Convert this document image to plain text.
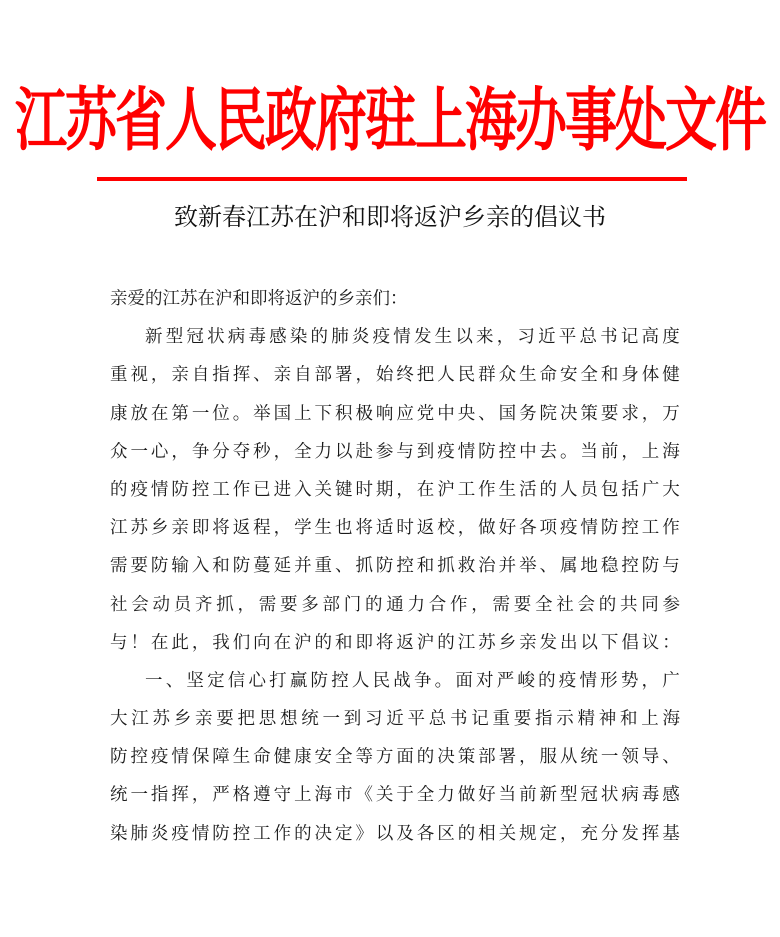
江苏省人民政府驻上海办事处文件
致新春江苏在沪和即将返沪乡亲的倡议书
亲爱的江苏在沪和即将返沪的乡亲们：
新 型 冠 状 病 毒 感 染 的 肺 炎 疫 情 发 生 以 来 ， 习 近 平 总 书 记 高 度
重 视 ， 亲 自 指 挥 、 亲 自 部 署 ， 始 终 把 人 民 群 众 生 命 安 全 和 身 体 健
康 放 在 第 一 位 。 举 国 上 下 积 极 响 应 党 中 央 、 国 务 院 决 策 要 求 ， 万
众 一 心 ， 争 分 夺 秒 ， 全 力 以 赴 参 与 到 疫 情 防 控 中 去 。 当 前 ， 上 海
的 疫 情 防 控 工 作 已 进 入 关 键 时 期 ， 在 沪 工 作 生 活 的 人 员 包 括 广 大
江 苏 乡 亲 即 将 返 程 ， 学 生 也 将 适 时 返 校 ， 做 好 各 项 疫 情 防 控 工 作
需 要 防 输 入 和 防 蔓 延 并 重 、 抓 防 控 和 抓 救 治 并 举 、 属 地 稳 控 防 与
社 会 动 员 齐 抓 ， 需 要 多 部 门 的 通 力 合 作 ， 需 要 全 社 会 的 共 同 参
与 ！ 在 此 ， 我 们 向 在 沪 的 和 即 将 返 沪 的 江 苏 乡 亲 发 出 以 下 倡 议 ：
一 、 坚 定 信 心 打 赢 防 控 人 民 战 争 。 面 对 严 峻 的 疫 情 形 势 ， 广
大 江 苏 乡 亲 要 把 思 想 统 一 到 习 近 平 总 书 记 重 要 指 示 精 神 和 上 海
防 控 疫 情 保 障 生 命 健 康 安 全 等 方 面 的 决 策 部 署 ， 服 从 统 一 领 导 、
统 一 指 挥 ， 严 格 遵 守 上 海 市 《 关 于 全 力 做 好 当 前 新 型 冠 状 病 毒 感
染 肺 炎 疫 情 防 控 工 作 的 决 定 》 以 及 各 区 的 相 关 规 定 ， 充 分 发 挥 基
